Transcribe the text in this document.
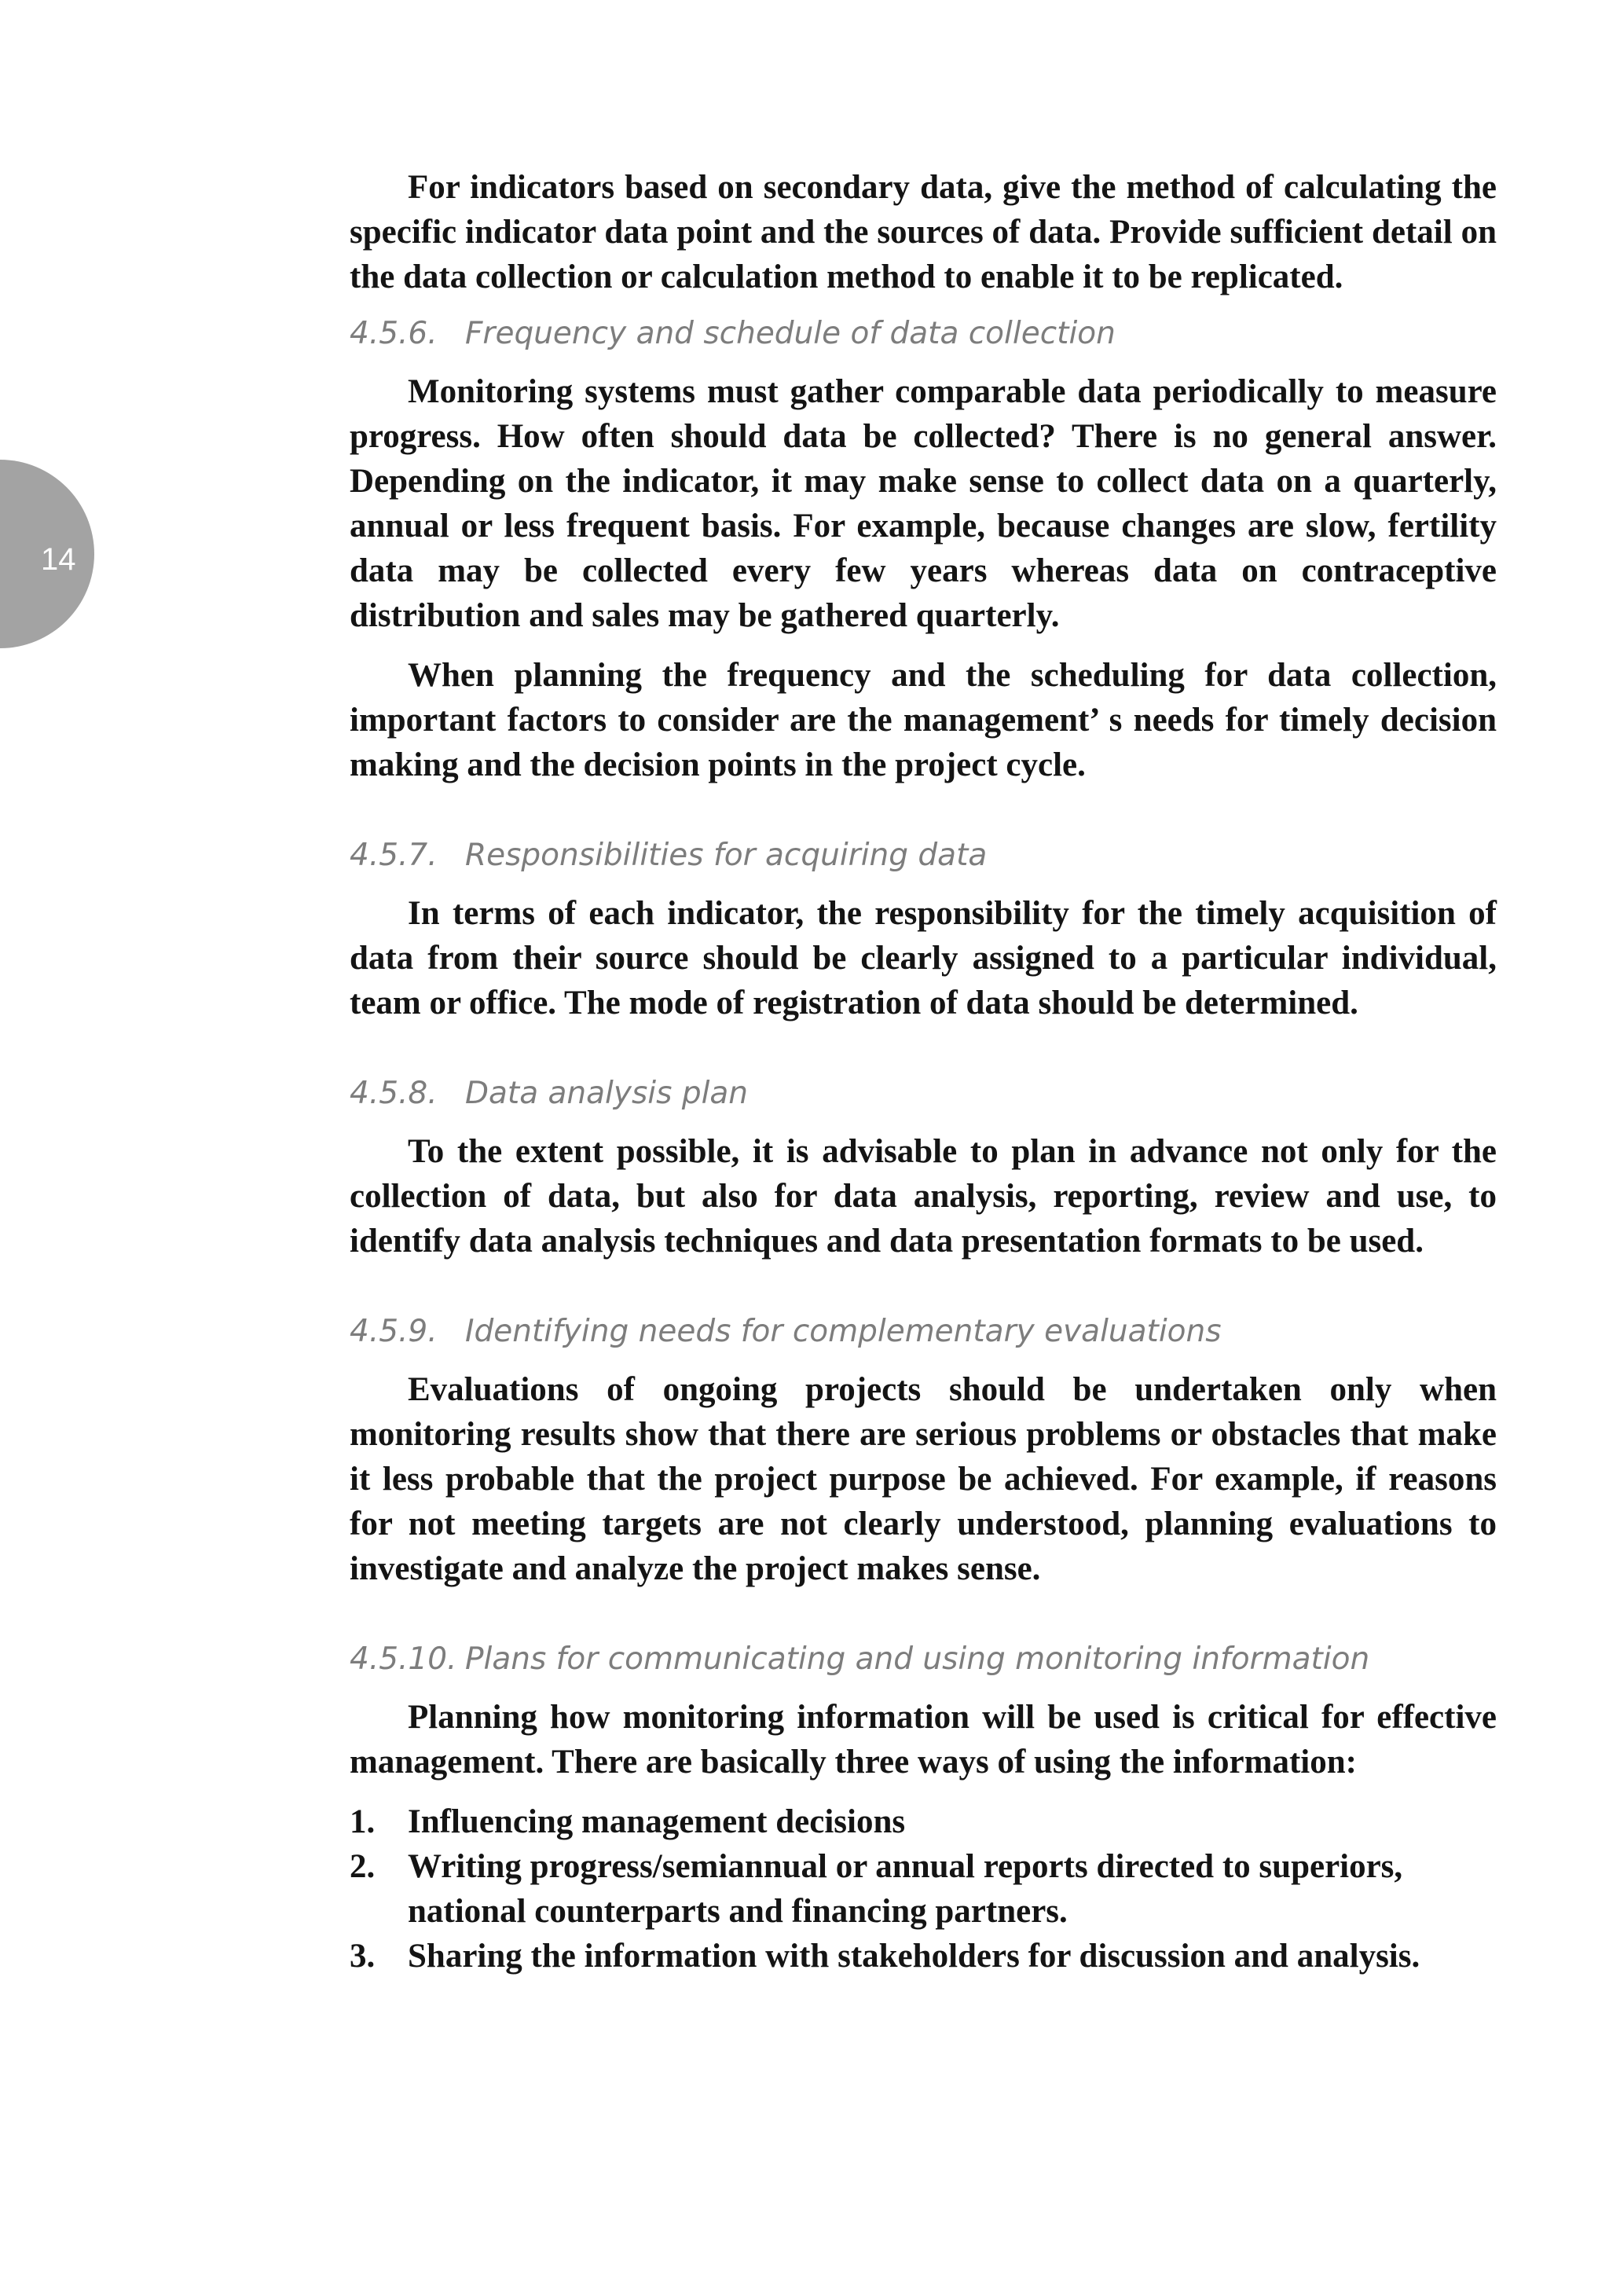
14

For indicators based on secondary data, give the method of calculating the specific indicator data point and the sources of data. Provide sufficient detail on the data collection or calculation method to enable it to be replicated.

4.5.6. Frequency and schedule of data collection

Monitoring systems must gather comparable data periodically to measure progress. How often should data be collected? There is no general answer. Depending on the indicator, it may make sense to collect data on a quarterly, annual or less frequent basis. For example, because changes are slow, fertility data may be collected every few years whereas data on contraceptive distribution and sales may be gathered quarterly.

When planning the frequency and the scheduling for data collection, important factors to consider are the management’ s needs for timely decision making and the decision points in the project cycle.

4.5.7. Responsibilities for acquiring data

In terms of each indicator, the responsibility for the timely acquisition of data from their source should be clearly assigned to a particular individual, team or office. The mode of registration of data should be determined.

4.5.8. Data analysis plan

To the extent possible, it is advisable to plan in advance not only for the collection of data, but also for data analysis, reporting, review and use, to identify data analysis techniques and data presentation formats to be used.

4.5.9. Identifying needs for complementary evaluations

Evaluations of ongoing projects should be undertaken only when monitoring results show that there are serious problems or obstacles that make it less probable that the project purpose be achieved. For example, if reasons for not meeting targets are not clearly understood, planning evaluations to investigate and analyze the project makes sense.

4.5.10. Plans for communicating and using monitoring information

Planning how monitoring information will be used is critical for effective management. There are basically three ways of using the information:

1. Influencing management decisions
2. Writing progress/semiannual or annual reports directed to superiors, national counterparts and financing partners.
3. Sharing the information with stakeholders for discussion and analysis.
